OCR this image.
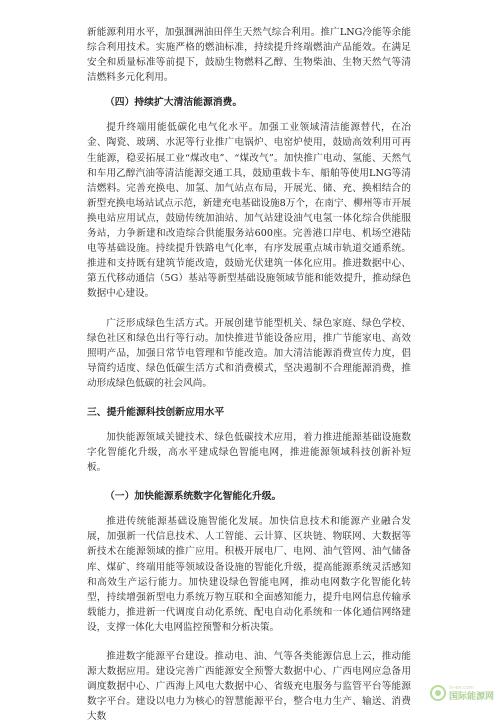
新能源利用水平，加强涠洲油田伴生天然气综合利用。推广LNG冷能等余能综合利用技术。实施严格的燃油标准，持续提升终端燃油产品能效。在满足安全和质量标准等前提下，鼓励生物燃料乙醇、生物柴油、生物天然气等清洁燃料多元化利用。

（四）持续扩大清洁能源消费。

提升终端用能低碳化电气化水平。加强工业领域清洁能源替代，在冶金、陶瓷、玻璃、水泥等行业推广电锅炉、电窑炉使用，鼓励高效利用可再生能源，稳妥拓展工业“煤改电”、“煤改气”。加快推广电动、氢能、天然气和车用乙醇汽油等清洁能源交通工具，鼓励重载卡车、船舶等使用LNG等清洁燃料。完善充换电、加氢、加气站点布局，开展光、储、充、换相结合的新型充换电场站试点示范，新建充电基础设施8万个，在南宁、柳州等市开展换电站应用试点，鼓励传统加油站、加气站建设油气电氢一体化综合供能服务站，力争新建和改造综合供能服务站600座。完善港口岸电、机场空港陆电等基础设施。持续提升铁路电气化率，有序发展重点城市轨道交通系统。推进和支持既有建筑节能改造，鼓励光伏建筑一体化应用。推进数据中心、第五代移动通信（5G）基站等新型基础设施领域节能和能效提升，推动绿色数据中心建设。

广泛形成绿色生活方式。开展创建节能型机关、绿色家庭、绿色学校、绿色社区和绿色出行等行动。加快推进节能设备应用，推广节能家电、高效照明产品，加强日常节电管理和节能改造。加大清洁能源消费宣传力度，倡导简约适度、绿色低碳生活方式和消费模式，坚决遏制不合理能源消费，推动形成绿色低碳的社会风尚。

三、提升能源科技创新应用水平

加快能源领域关键技术、绿色低碳技术应用，着力推进能源基础设施数字化智能化升级，高水平建成绿色智能电网，推进能源领域科技创新补短板。

（一）加快能源系统数字化智能化升级。

推进传统能源基础设施智能化发展。加快信息技术和能源产业融合发展，加强新一代信息技术、人工智能、云计算、区块链、物联网、大数据等新技术在能源领域的推广应用。积极开展电厂、电网、油气管网、油气储备库、煤矿、终端用能等领域设备设施的智能化升级，提高能源系统灵活感知和高效生产运行能力。加快建设绿色智能电网，推动电网数字化智能化转型，持续增强新型电力系统万物互联和全面感知能力，提升电网信息传输承载能力，推进新一代调度自动化系统、配电自动化系统和一体化通信网络建设，支撑一体化大电网监控预警和分析决策。

推进数字能源平台建设。推动电、油、气等各类能源信息上云，推动能源大数据应用。建设完善广西能源安全预警大数据中心、广西电网应急备用调度数据中心、广西海上风电大数据中心、省级充电服务与监管平台等能源数字平台。建设以电力为核心的智慧能源平台，整合电力生产、输送、消费大数

in-en.com
国际能源网
